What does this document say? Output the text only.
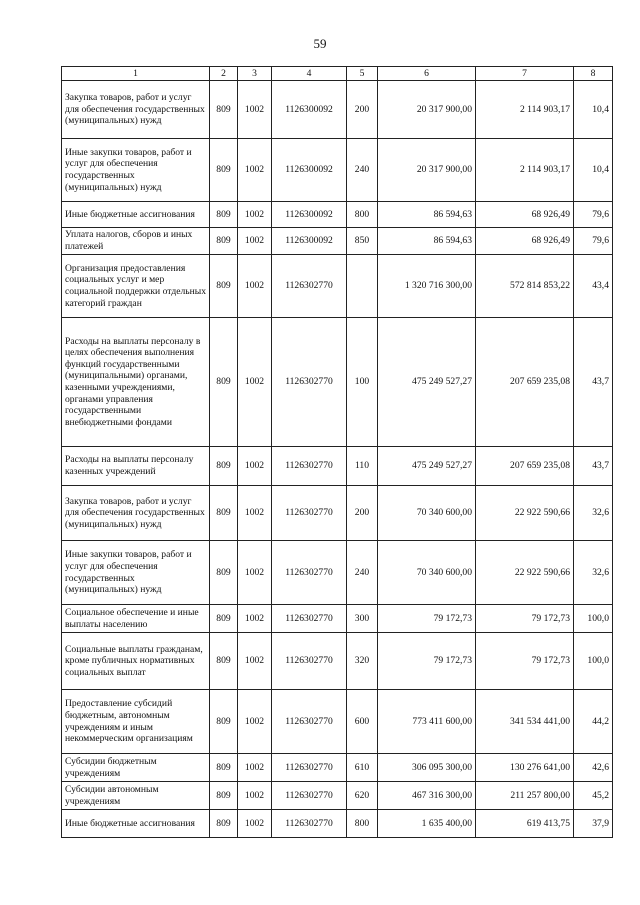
59
1	2	3	4	5	6	7	8
Закупка товаров, работ и услуг для обеспечения государственных (муниципальных) нужд	809	1002	1126300092	200	20 317 900,00	2 114 903,17	10,4
Иные закупки товаров, работ и услуг для обеспечения государственных (муниципальных) нужд	809	1002	1126300092	240	20 317 900,00	2 114 903,17	10,4
Иные бюджетные ассигнования	809	1002	1126300092	800	86 594,63	68 926,49	79,6
Уплата налогов, сборов и иных платежей	809	1002	1126300092	850	86 594,63	68 926,49	79,6
Организация предоставления социальных услуг и мер социальной поддержки отдельных категорий граждан	809	1002	1126302770		1 320 716 300,00	572 814 853,22	43,4
Расходы на выплаты персоналу в целях обеспечения выполнения функций государственными (муниципальными) органами, казенными учреждениями, органами управления государственными внебюджетными фондами	809	1002	1126302770	100	475 249 527,27	207 659 235,08	43,7
Расходы на выплаты персоналу казенных учреждений	809	1002	1126302770	110	475 249 527,27	207 659 235,08	43,7
Закупка товаров, работ и услуг для обеспечения государственных (муниципальных) нужд	809	1002	1126302770	200	70 340 600,00	22 922 590,66	32,6
Иные закупки товаров, работ и услуг для обеспечения государственных (муниципальных) нужд	809	1002	1126302770	240	70 340 600,00	22 922 590,66	32,6
Социальное обеспечение и иные выплаты населению	809	1002	1126302770	300	79 172,73	79 172,73	100,0
Социальные выплаты гражданам, кроме публичных нормативных социальных выплат	809	1002	1126302770	320	79 172,73	79 172,73	100,0
Предоставление субсидий бюджетным, автономным учреждениям и иным некоммерческим организациям	809	1002	1126302770	600	773 411 600,00	341 534 441,00	44,2
Субсидии бюджетным учреждениям	809	1002	1126302770	610	306 095 300,00	130 276 641,00	42,6
Субсидии автономным учреждениям	809	1002	1126302770	620	467 316 300,00	211 257 800,00	45,2
Иные бюджетные ассигнования	809	1002	1126302770	800	1 635 400,00	619 413,75	37,9
